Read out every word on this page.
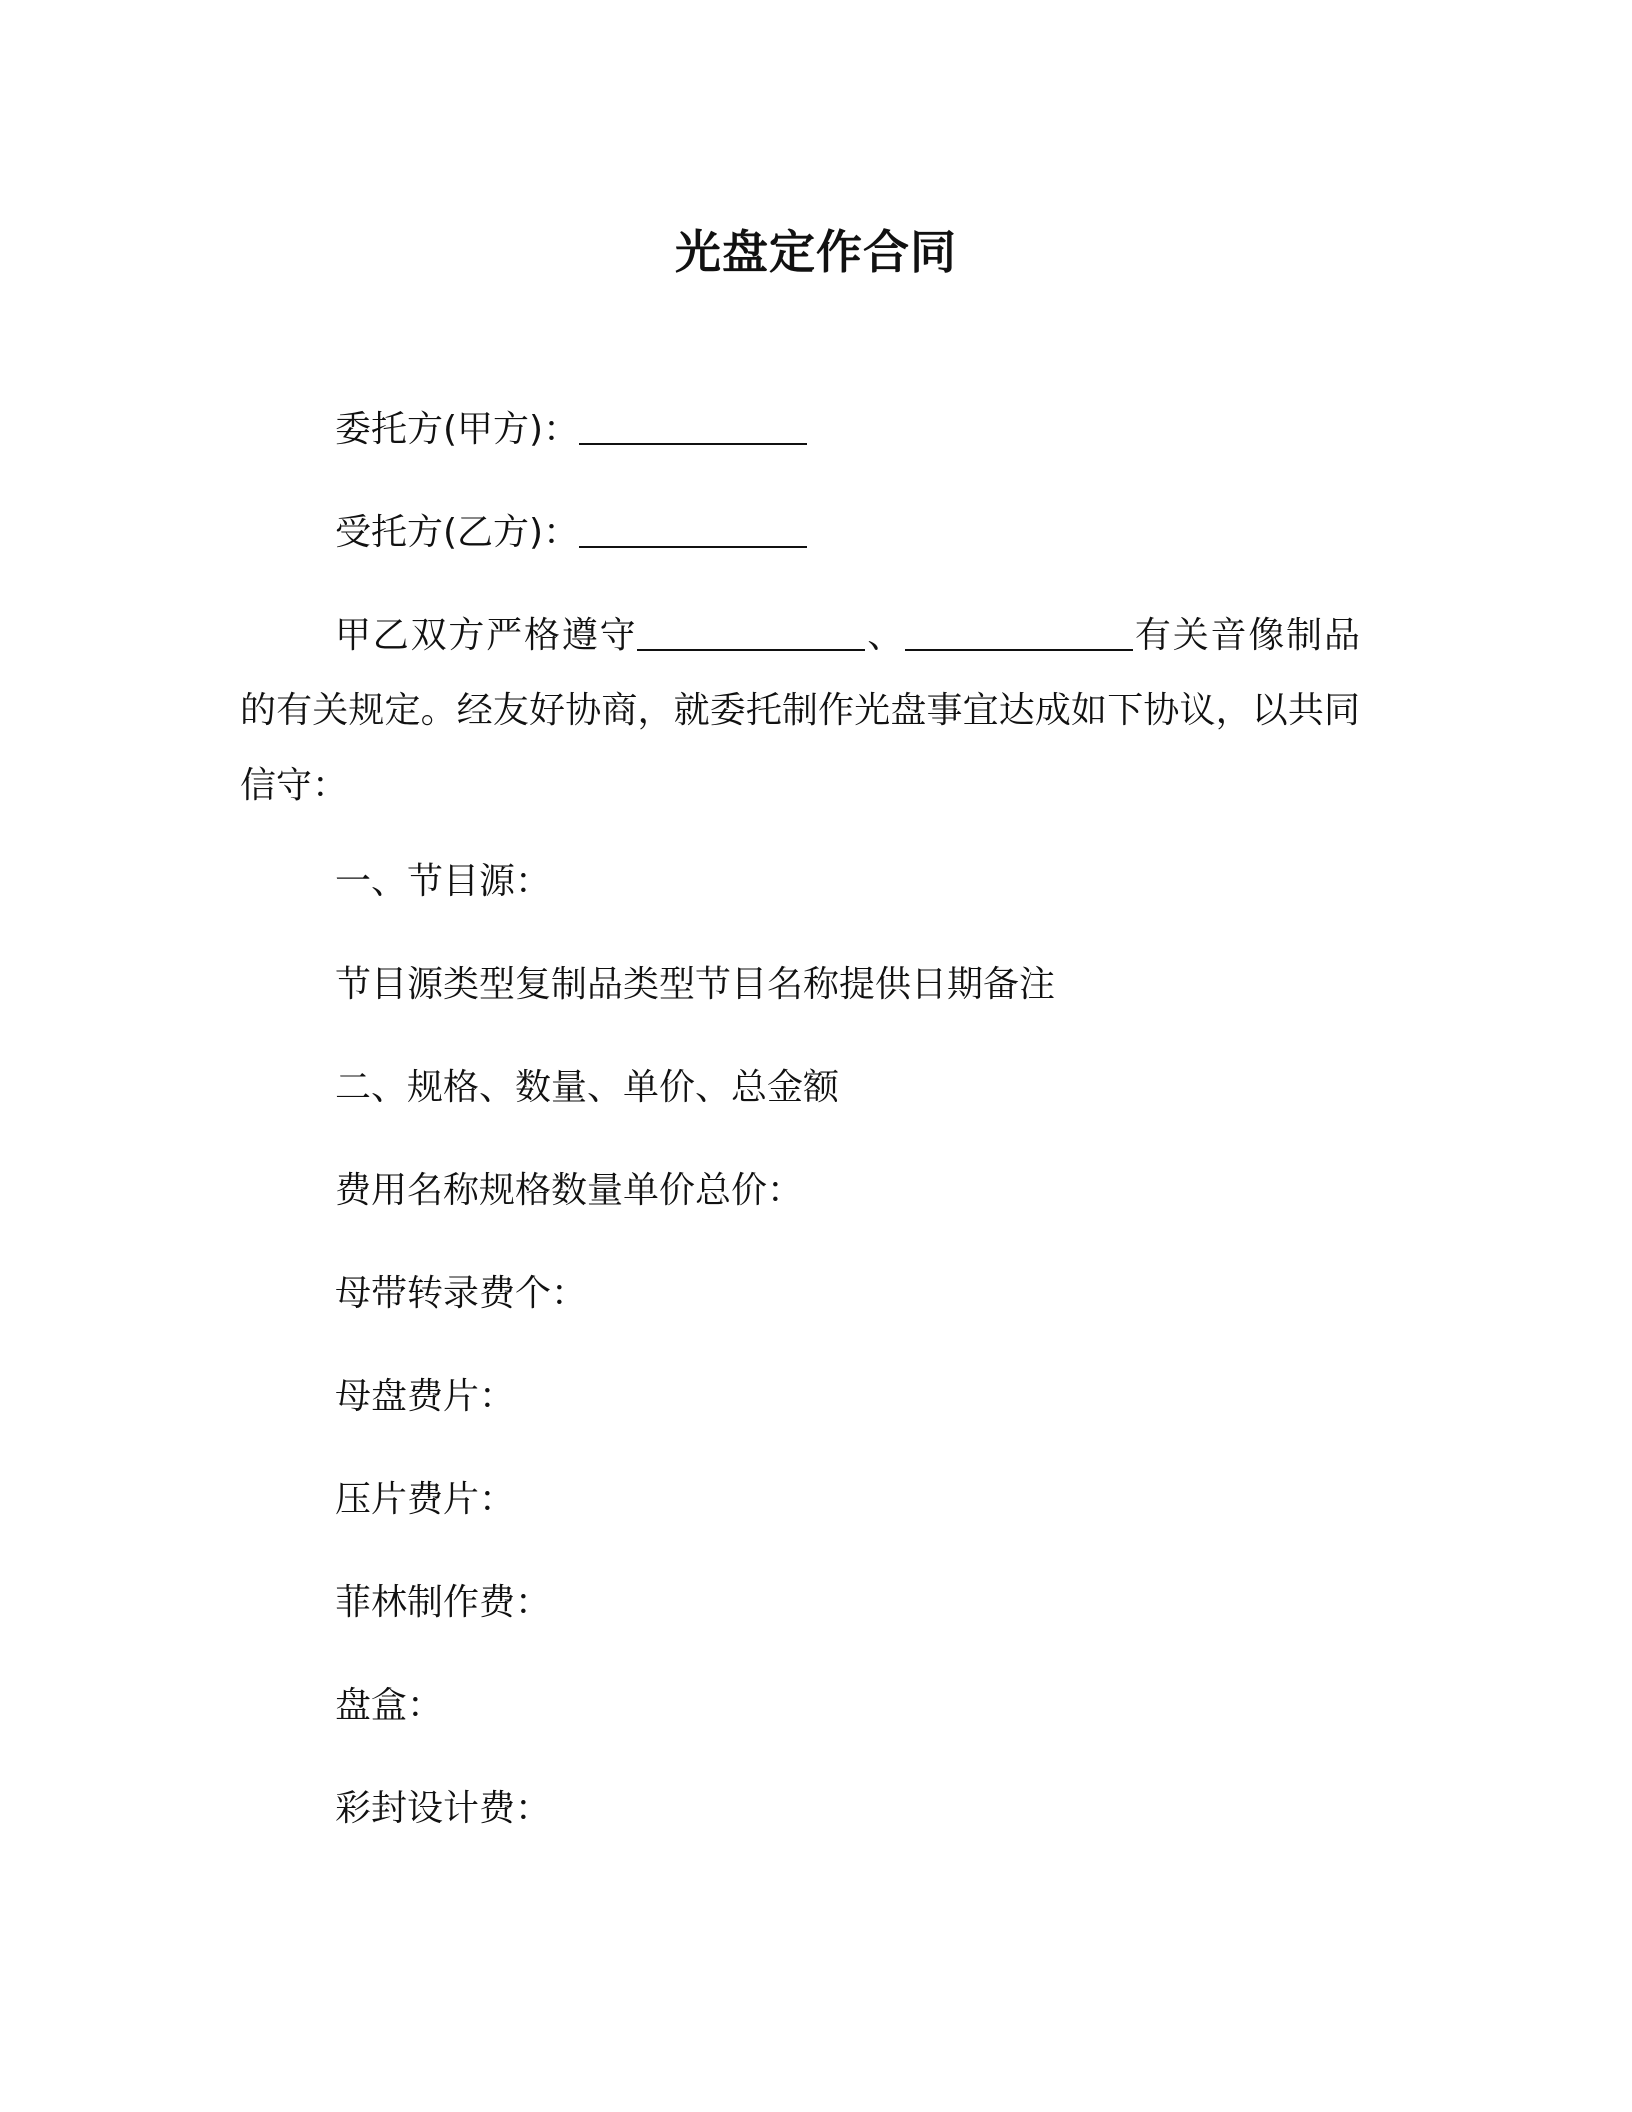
光盘定作合同
委托方(甲方)：
受托方(乙方)：
甲乙双方严格遵守	、	有关音像制品的有关规定。经友好协商，就委托制作光盘事宜达成如下协议，以共同信守：
一、节目源：
节目源类型复制品类型节目名称提供日期备注
二、规格、数量、单价、总金额
费用名称规格数量单价总价：
母带转录费个：
母盘费片：
压片费片：
菲林制作费：
盘盒：
彩封设计费：
